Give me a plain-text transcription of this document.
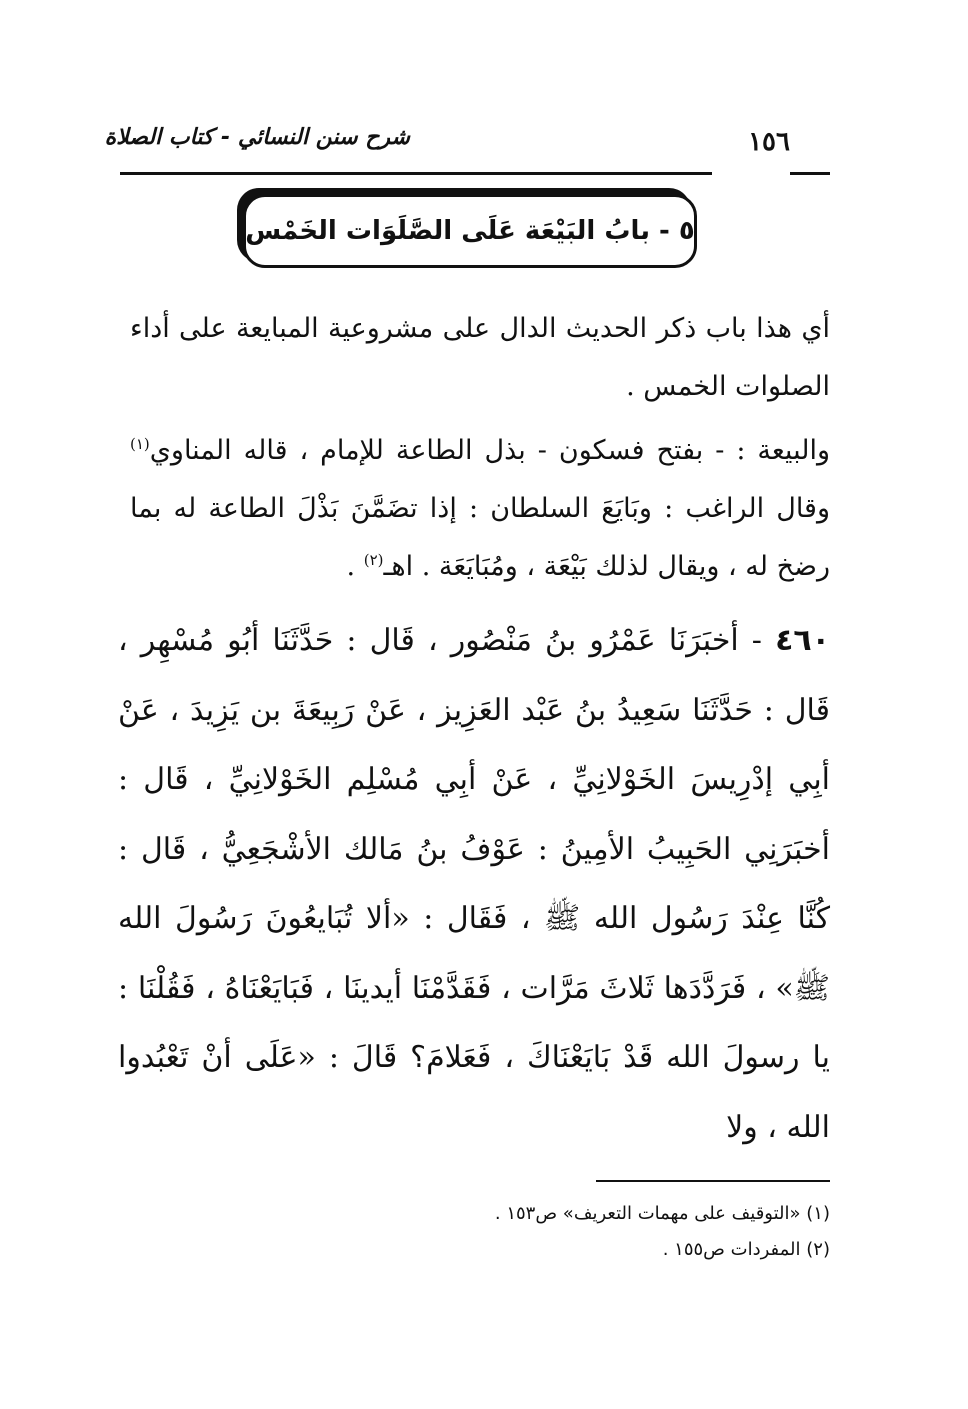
شرح سنن النسائي - كتاب الصلاة	١٥٦
٥ - بابُ البَيْعَة عَلَى الصَّلَوَات الخَمْس

أي هذا باب ذكر الحديث الدال على مشروعية المبايعة على أداء الصلوات الخمس .

والبيعة : - بفتح فسكون - بذل الطاعة للإمام ، قاله المناوي$^{(١)}$ وقال الراغب : وبَايَعَ السلطان : إذا تضَمَّنَ بَذْلَ الطاعة له بما رضخ له ، ويقال لذلك بَيْعَة ، ومُبَايَعَة . اهـ$^{(٢)}$ .

٤٦٠ - أخبَرَنَا عَمْرُو بنُ مَنْصُور ، قَال : حَدَّثَنَا أبُو مُسْهِر ، قَال : حَدَّثَنَا سَعِيدُ بنُ عَبْد العَزِيز ، عَنْ رَبِيعَةَ بن يَزِيدَ ، عَنْ أبِي إدْرِيسَ الخَوْلانِيِّ ، عَنْ أبِي مُسْلِم الخَوْلانِيِّ ، قَال : أخبَرَنِي الحَبِيبُ الأمِينُ : عَوْفُ بنُ مَالك الأشْجَعِيُّ ، قَال : كُنَّا عِنْدَ رَسُول الله ﷺ ، فَقَال : «ألا تُبَايعُونَ رَسُولَ الله ﷺ» ، فَرَدَّدَها ثَلاثَ مَرَّات ، فَقَدَّمْنَا أيدينَا ، فَبَايَعْنَاهُ ، فَقُلْنَا : يا رسولَ الله قَدْ بَايَعْنَاكَ ، فَعَلامَ؟ قَالَ : «عَلَى أنْ تَعْبُدوا الله ، ولا

(١) «التوقيف على مهمات التعريف» ص١٥٣ .
(٢) المفردات ص١٥٥ .
